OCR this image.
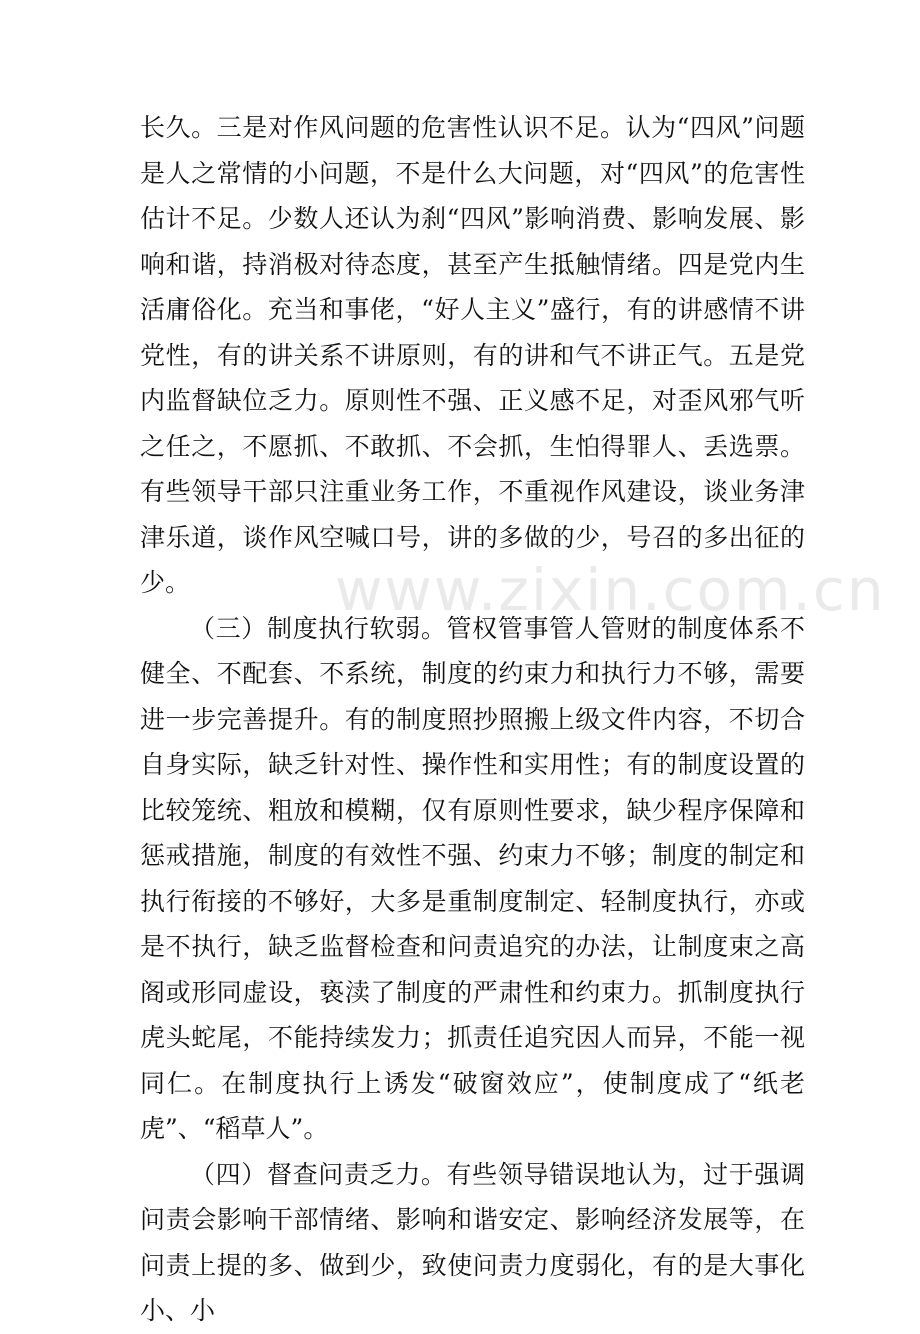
长久。三是对作风问题的危害性认识不足。认为“四风”问题是人之常情的小问题，不是什么大问题，对“四风”的危害性估计不足。少数人还认为刹“四风”影响消费、影响发展、影响和谐，持消极对待态度，甚至产生抵触情绪。四是党内生活庸俗化。充当和事佬，“好人主义”盛行，有的讲感情不讲党性，有的讲关系不讲原则，有的讲和气不讲正气。五是党内监督缺位乏力。原则性不强、正义感不足，对歪风邪气听之任之，不愿抓、不敢抓、不会抓，生怕得罪人、丢选票。有些领导干部只注重业务工作，不重视作风建设，谈业务津津乐道，谈作风空喊口号，讲的多做的少，号召的多出征的少。

（三）制度执行软弱。管权管事管人管财的制度体系不健全、不配套、不系统，制度的约束力和执行力不够，需要进一步完善提升。有的制度照抄照搬上级文件内容，不切合自身实际，缺乏针对性、操作性和实用性；有的制度设置的比较笼统、粗放和模糊，仅有原则性要求，缺少程序保障和惩戒措施，制度的有效性不强、约束力不够；制度的制定和执行衔接的不够好，大多是重制度制定、轻制度执行，亦或是不执行，缺乏监督检查和问责追究的办法，让制度束之高阁或形同虚设，亵渎了制度的严肃性和约束力。抓制度执行虎头蛇尾，不能持续发力；抓责任追究因人而异，不能一视同仁。在制度执行上诱发“破窗效应”，使制度成了“纸老虎”、“稻草人”。

（四）督查问责乏力。有些领导错误地认为，过于强调问责会影响干部情绪、影响和谐安定、影响经济发展等，在问责上提的多、做到少，致使问责力度弱化，有的是大事化小、小

www.zixin.com.cn
